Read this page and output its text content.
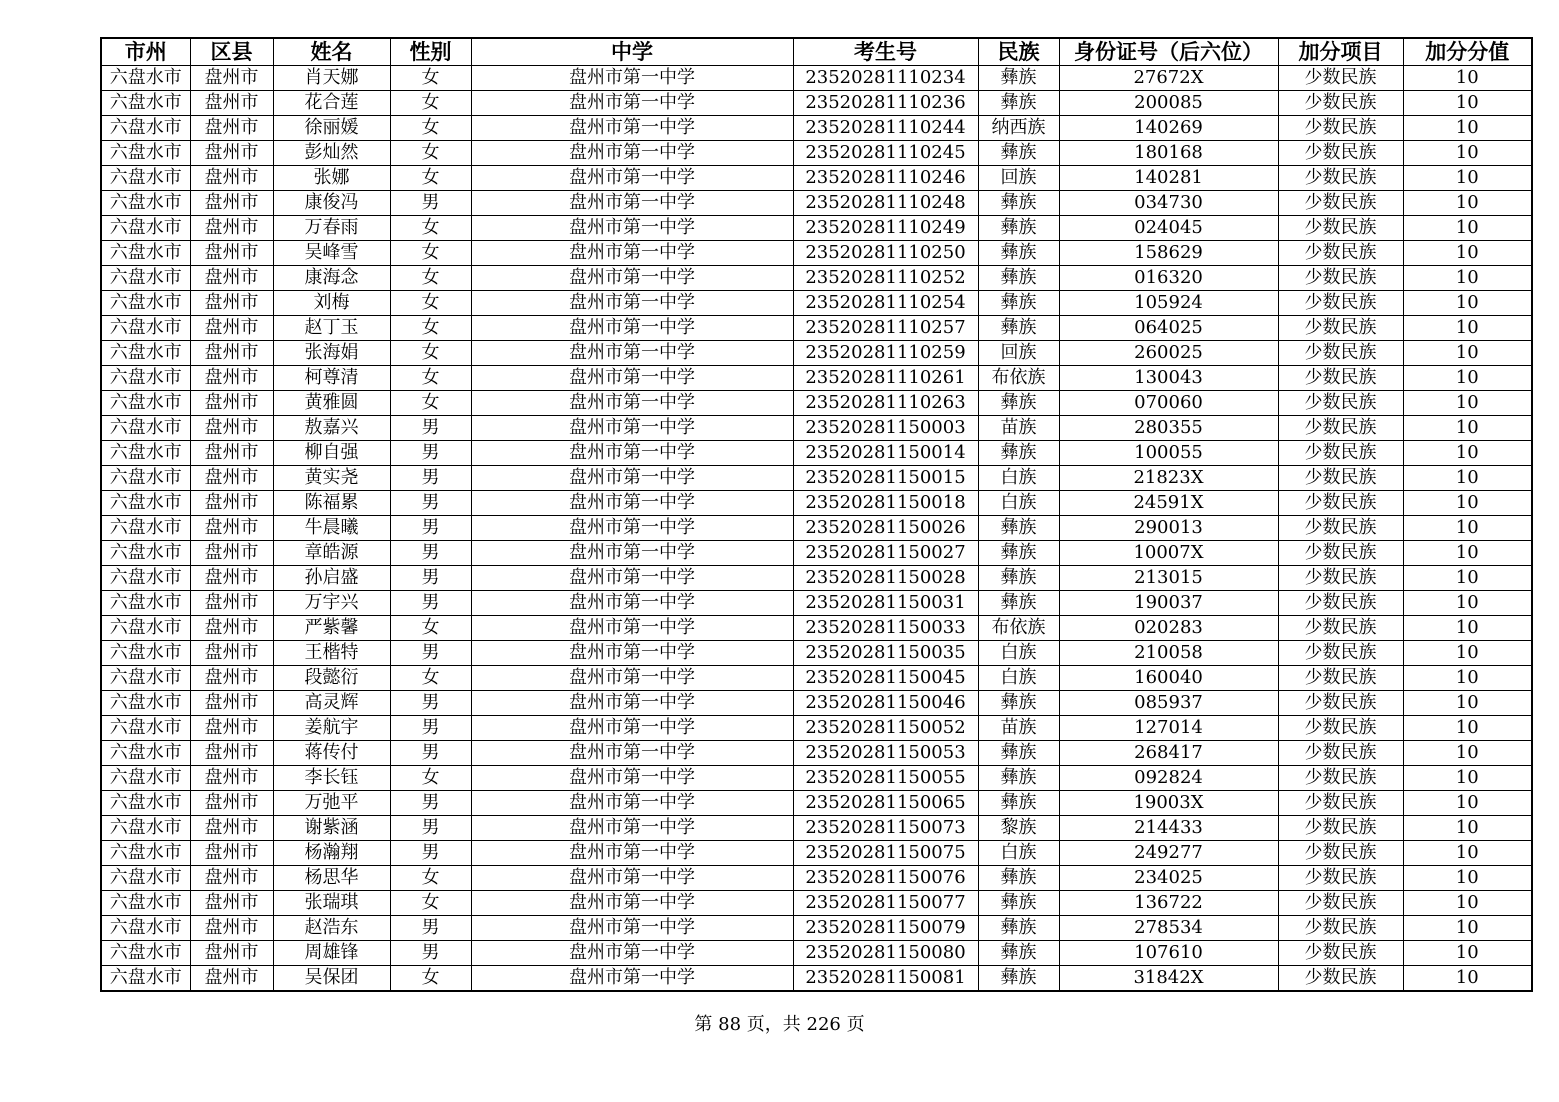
市州	区县	姓名	性别	中学	考生号	民族	身份证号（后六位）	加分项目	加分分值
六盘水市	盘州市	肖天娜	女	盘州市第一中学	23520281110234	彝族	27672X	少数民族	10
六盘水市	盘州市	花合莲	女	盘州市第一中学	23520281110236	彝族	200085	少数民族	10
六盘水市	盘州市	徐丽媛	女	盘州市第一中学	23520281110244	纳西族	140269	少数民族	10
六盘水市	盘州市	彭灿然	女	盘州市第一中学	23520281110245	彝族	180168	少数民族	10
六盘水市	盘州市	张娜	女	盘州市第一中学	23520281110246	回族	140281	少数民族	10
六盘水市	盘州市	康俊冯	男	盘州市第一中学	23520281110248	彝族	034730	少数民族	10
六盘水市	盘州市	万春雨	女	盘州市第一中学	23520281110249	彝族	024045	少数民族	10
六盘水市	盘州市	吴峰雪	女	盘州市第一中学	23520281110250	彝族	158629	少数民族	10
六盘水市	盘州市	康海念	女	盘州市第一中学	23520281110252	彝族	016320	少数民族	10
六盘水市	盘州市	刘梅	女	盘州市第一中学	23520281110254	彝族	105924	少数民族	10
六盘水市	盘州市	赵丁玉	女	盘州市第一中学	23520281110257	彝族	064025	少数民族	10
六盘水市	盘州市	张海娟	女	盘州市第一中学	23520281110259	回族	260025	少数民族	10
六盘水市	盘州市	柯尊清	女	盘州市第一中学	23520281110261	布依族	130043	少数民族	10
六盘水市	盘州市	黄雅圆	女	盘州市第一中学	23520281110263	彝族	070060	少数民族	10
六盘水市	盘州市	敖嘉兴	男	盘州市第一中学	23520281150003	苗族	280355	少数民族	10
六盘水市	盘州市	柳自强	男	盘州市第一中学	23520281150014	彝族	100055	少数民族	10
六盘水市	盘州市	黄实尧	男	盘州市第一中学	23520281150015	白族	21823X	少数民族	10
六盘水市	盘州市	陈福累	男	盘州市第一中学	23520281150018	白族	24591X	少数民族	10
六盘水市	盘州市	牛晨曦	男	盘州市第一中学	23520281150026	彝族	290013	少数民族	10
六盘水市	盘州市	章皓源	男	盘州市第一中学	23520281150027	彝族	10007X	少数民族	10
六盘水市	盘州市	孙启盛	男	盘州市第一中学	23520281150028	彝族	213015	少数民族	10
六盘水市	盘州市	万宇兴	男	盘州市第一中学	23520281150031	彝族	190037	少数民族	10
六盘水市	盘州市	严紫馨	女	盘州市第一中学	23520281150033	布依族	020283	少数民族	10
六盘水市	盘州市	王楷特	男	盘州市第一中学	23520281150035	白族	210058	少数民族	10
六盘水市	盘州市	段懿衍	女	盘州市第一中学	23520281150045	白族	160040	少数民族	10
六盘水市	盘州市	高灵辉	男	盘州市第一中学	23520281150046	彝族	085937	少数民族	10
六盘水市	盘州市	姜航宇	男	盘州市第一中学	23520281150052	苗族	127014	少数民族	10
六盘水市	盘州市	蒋传付	男	盘州市第一中学	23520281150053	彝族	268417	少数民族	10
六盘水市	盘州市	李长钰	女	盘州市第一中学	23520281150055	彝族	092824	少数民族	10
六盘水市	盘州市	万弛平	男	盘州市第一中学	23520281150065	彝族	19003X	少数民族	10
六盘水市	盘州市	谢紫涵	男	盘州市第一中学	23520281150073	黎族	214433	少数民族	10
六盘水市	盘州市	杨瀚翔	男	盘州市第一中学	23520281150075	白族	249277	少数民族	10
六盘水市	盘州市	杨思华	女	盘州市第一中学	23520281150076	彝族	234025	少数民族	10
六盘水市	盘州市	张瑞琪	女	盘州市第一中学	23520281150077	彝族	136722	少数民族	10
六盘水市	盘州市	赵浩东	男	盘州市第一中学	23520281150079	彝族	278534	少数民族	10
六盘水市	盘州市	周雄锋	男	盘州市第一中学	23520281150080	彝族	107610	少数民族	10
六盘水市	盘州市	吴保团	女	盘州市第一中学	23520281150081	彝族	31842X	少数民族	10
第 88 页，共 226 页
